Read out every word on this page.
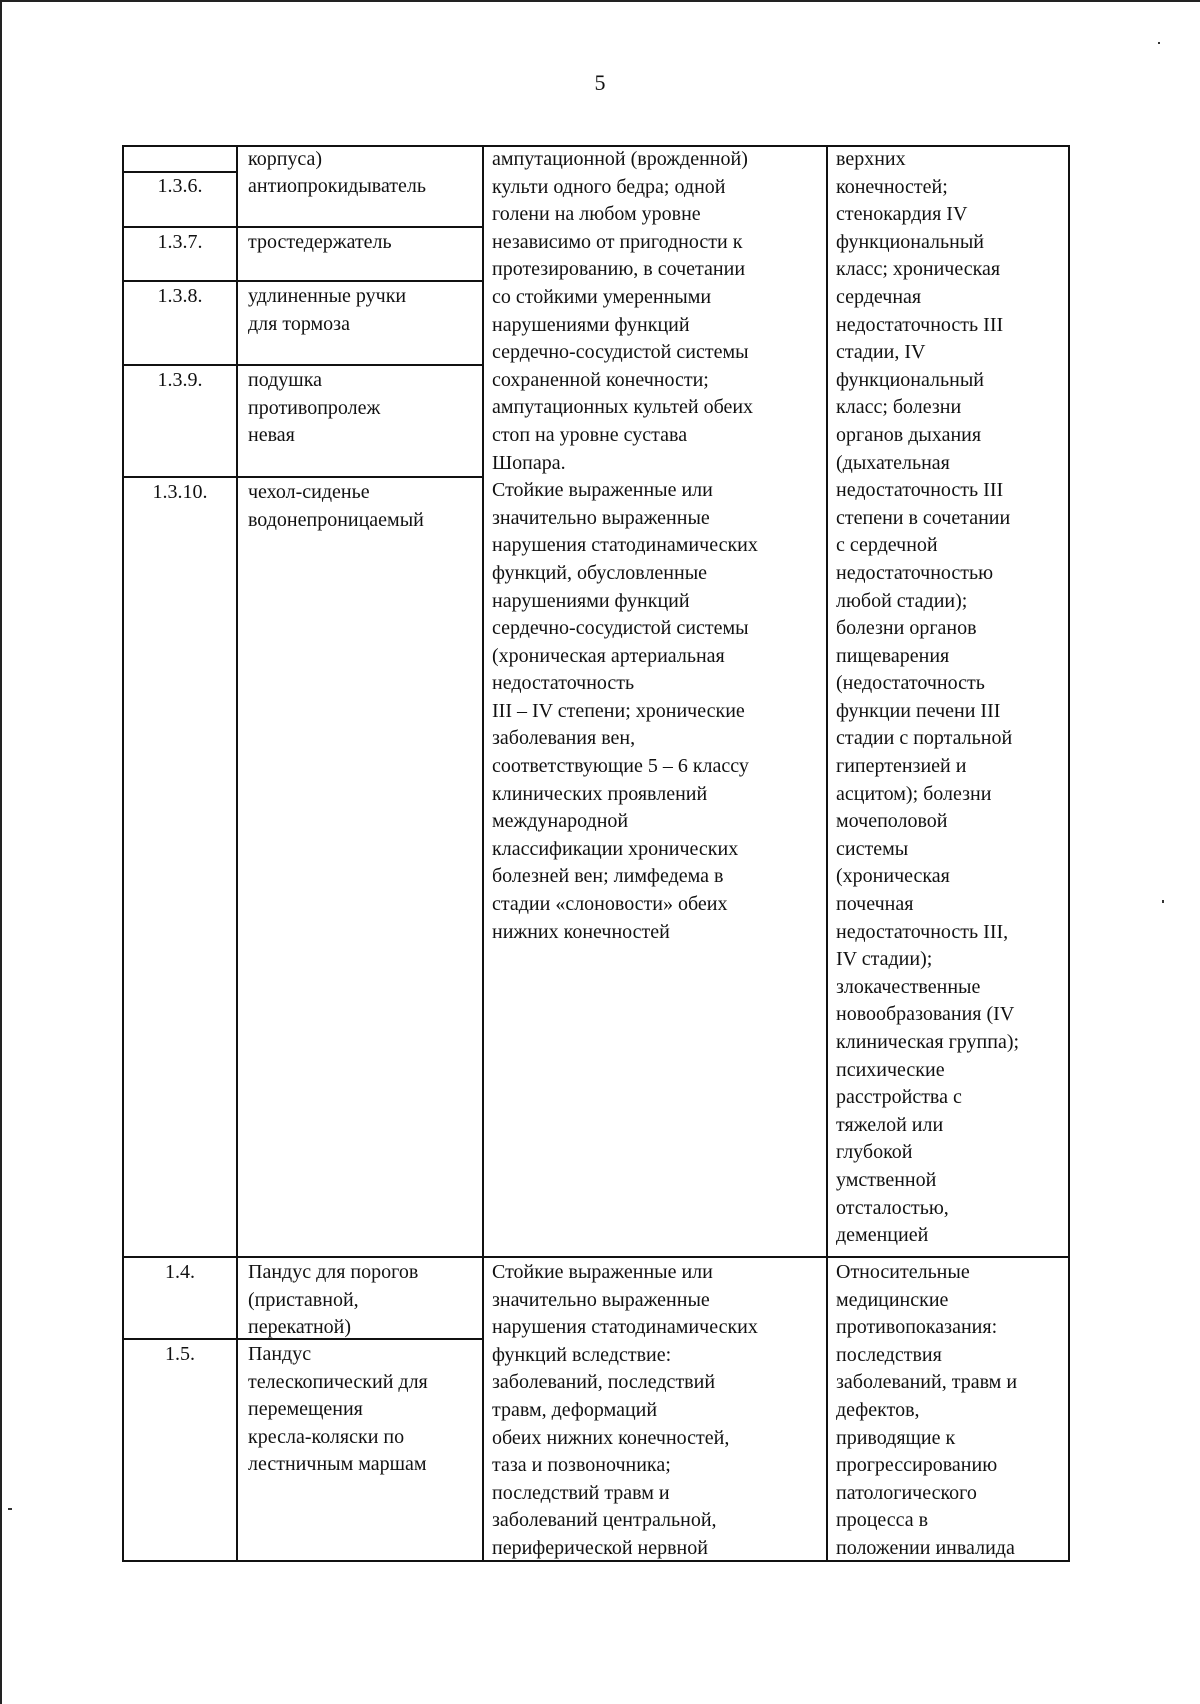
5
1.3.6.
1.3.7.
1.3.8.
1.3.9.
1.3.10.
1.4.
1.5.
корпуса)
антиопрокидыватель
тростедержатель
удлиненные ручки
для тормоза
подушка
противопролеж
невая
чехол-сиденье
водонепроницаемый
Пандус для порогов
(приставной,
перекатной)
Пандус
телескопический для
перемещения
кресла-коляски по
лестничным маршам
ампутационной (врожденной)
культи одного бедра; одной
голени на любом уровне
независимо от пригодности к
протезированию, в сочетании
со стойкими умеренными
нарушениями функций
сердечно-сосудистой системы
сохраненной конечности;
ампутационных культей обеих
стоп на уровне сустава
Шопара.
Стойкие выраженные или
значительно выраженные
нарушения статодинамических
функций, обусловленные
нарушениями функций
сердечно-сосудистой системы
(хроническая артериальная
недостаточность
III – IV степени; хронические
заболевания вен,
соответствующие 5 – 6 классу
клинических проявлений
международной
классификации хронических
болезней вен; лимфедема в
стадии «слоновости» обеих
нижних конечностей
Стойкие выраженные или
значительно выраженные
нарушения статодинамических
функций вследствие:
заболеваний, последствий
травм, деформаций
обеих нижних конечностей,
таза и позвоночника;
последствий травм и
заболеваний центральной,
периферической нервной
верхних
конечностей;
стенокардия IV
функциональный
класс; хроническая
сердечная
недостаточность III
стадии, IV
функциональный
класс; болезни
органов дыхания
(дыхательная
недостаточность III
степени в сочетании
с сердечной
недостаточностью
любой стадии);
болезни органов
пищеварения
(недостаточность
функции печени III
стадии с портальной
гипертензией и
асцитом); болезни
мочеполовой
системы
(хроническая
почечная
недостаточность III,
IV стадии);
злокачественные
новообразования (IV
клиническая группа);
психические
расстройства с
тяжелой или
глубокой
умственной
отсталостью,
деменцией
Относительные
медицинские
противопоказания:
последствия
заболеваний, травм и
дефектов,
приводящие к
прогрессированию
патологического
процесса в
положении инвалида
